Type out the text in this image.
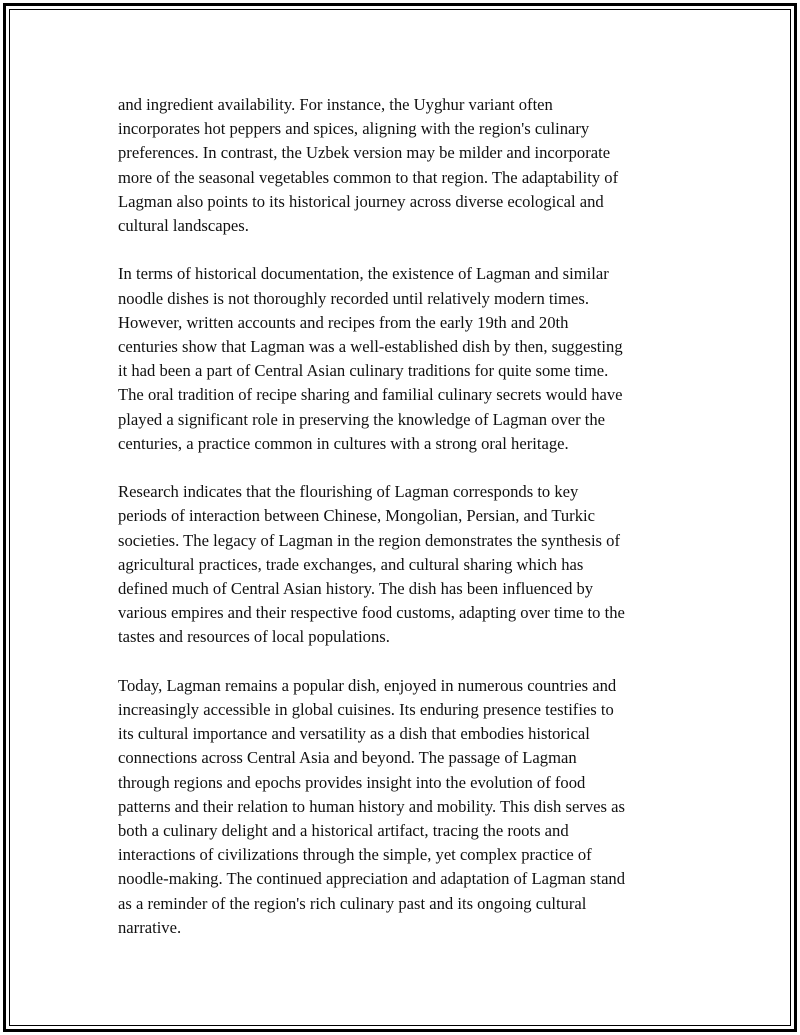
and ingredient availability. For instance, the Uyghur variant often
incorporates hot peppers and spices, aligning with the region's culinary
preferences. In contrast, the Uzbek version may be milder and incorporate
more of the seasonal vegetables common to that region. The adaptability of
Lagman also points to its historical journey across diverse ecological and
cultural landscapes.

In terms of historical documentation, the existence of Lagman and similar
noodle dishes is not thoroughly recorded until relatively modern times.
However, written accounts and recipes from the early 19th and 20th
centuries show that Lagman was a well-established dish by then, suggesting
it had been a part of Central Asian culinary traditions for quite some time.
The oral tradition of recipe sharing and familial culinary secrets would have
played a significant role in preserving the knowledge of Lagman over the
centuries, a practice common in cultures with a strong oral heritage.

Research indicates that the flourishing of Lagman corresponds to key
periods of interaction between Chinese, Mongolian, Persian, and Turkic
societies. The legacy of Lagman in the region demonstrates the synthesis of
agricultural practices, trade exchanges, and cultural sharing which has
defined much of Central Asian history. The dish has been influenced by
various empires and their respective food customs, adapting over time to the
tastes and resources of local populations.

Today, Lagman remains a popular dish, enjoyed in numerous countries and
increasingly accessible in global cuisines. Its enduring presence testifies to
its cultural importance and versatility as a dish that embodies historical
connections across Central Asia and beyond. The passage of Lagman
through regions and epochs provides insight into the evolution of food
patterns and their relation to human history and mobility. This dish serves as
both a culinary delight and a historical artifact, tracing the roots and
interactions of civilizations through the simple, yet complex practice of
noodle-making. The continued appreciation and adaptation of Lagman stand
as a reminder of the region's rich culinary past and its ongoing cultural
narrative.
